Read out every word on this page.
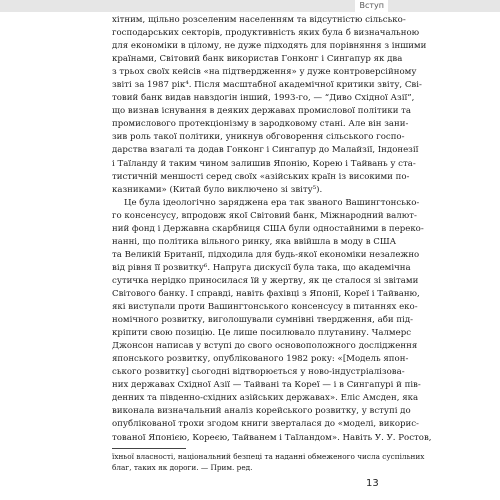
Вступ
хітним, щільно розселеним населенням та відсутністю сільсько-
господарських секторів, продуктивність яких була б визначальною
для економіки в цілому, не дуже підходять для порівняння з іншими
країнами, Світовий банк використав Гонконг і Сингапур як два
з трьох своїх кейсів «на підтвердження» у дуже контроверсійному
звіті за 1987 рік⁴. Після масштабної академічної критики звіту, Сві-
товий банк видав навздогін інший, 1993-го, — “Диво Східної Азії”,
що визнав існування в деяких державах промислової політики та
промислового протекціонізму в зародковому стані. Але він зани-
зив роль такої політики, уникнув обговорення сільського госпо-
дарства взагалі та додав Гонконг і Сингапур до Малайзії, Індонезії
і Таїланду й таким чином залишив Японію, Корею і Тайвань у ста-
тистичній меншості серед своїх «азійських країн із високими по-
казниками» (Китай було виключено зі звіту⁵).
Це була ідеологічно заряджена ера так званого Вашингтонсько-
го консенсусу, впродовж якої Світовий банк, Міжнародний валют-
ний фонд і Державна скарбниця США були одностайними в переко-
нанні, що політика вільного ринку, яка ввійшла в моду в США
та Великій Британії, підходила для будь-якої економіки незалежно
від рівня її розвитку⁶. Напруга дискусії була така, що академічна
сутичка нерідко приносилася їй у жертву, як це сталося зі звітами
Світового банку. І справді, навіть фахівці з Японії, Кореї і Тайваню,
які виступали проти Вашингтонського консенсусу в питаннях еко-
номічного розвитку, виголошували сумнівні твердження, аби під-
кріпити свою позицію. Це лише посилювало плутанину. Чалмерс
Джонсон написав у вступі до свого основоположного дослідження
японського розвитку, опублікованого 1982 року: «[Модель япон-
ського розвитку] сьогодні відтворюється у ново-індустріалізова-
них державах Східної Азії — Тайвані та Кореї — і в Сингапурі й пів-
денних та південно-східних азійських державах». Еліс Амсден, яка
виконала визначальний аналіз корейського розвитку, у вступі до
опублікованої трохи згодом книги зверталася до «моделі, викорис-
тованої Японією, Кореєю, Тайванем і Таїландом». Навіть У. У. Ростов,
їхньої власності, національний безпеці та наданні обмеженого числа суспільних
благ, таких як дороги. — Прим. ред.
13
